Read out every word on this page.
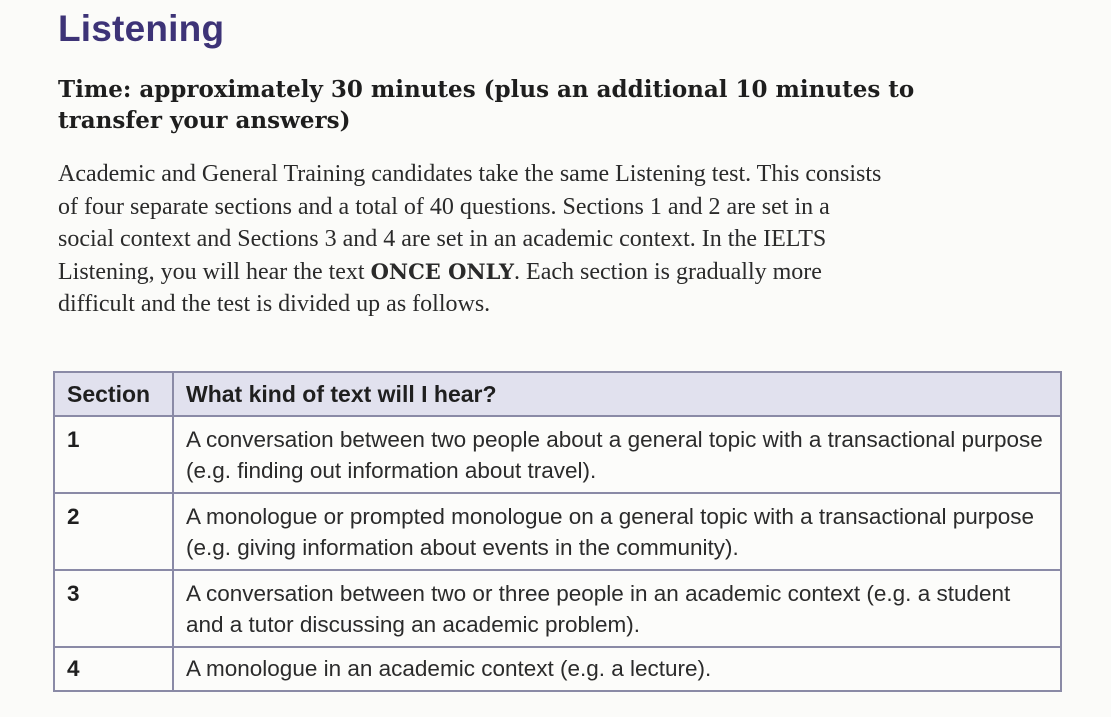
Listening

Time: approximately 30 minutes (plus an additional 10 minutes to transfer your answers)

Academic and General Training candidates take the same Listening test. This consists of four separate sections and a total of 40 questions. Sections 1 and 2 are set in a social context and Sections 3 and 4 are set in an academic context. In the IELTS Listening, you will hear the text ONCE ONLY. Each section is gradually more difficult and the test is divided up as follows.

Section	What kind of text will I hear?
1	A conversation between two people about a general topic with a transactional purpose (e.g. finding out information about travel).
2	A monologue or prompted monologue on a general topic with a transactional purpose (e.g. giving information about events in the community).
3	A conversation between two or three people in an academic context (e.g. a student and a tutor discussing an academic problem).
4	A monologue in an academic context (e.g. a lecture).
